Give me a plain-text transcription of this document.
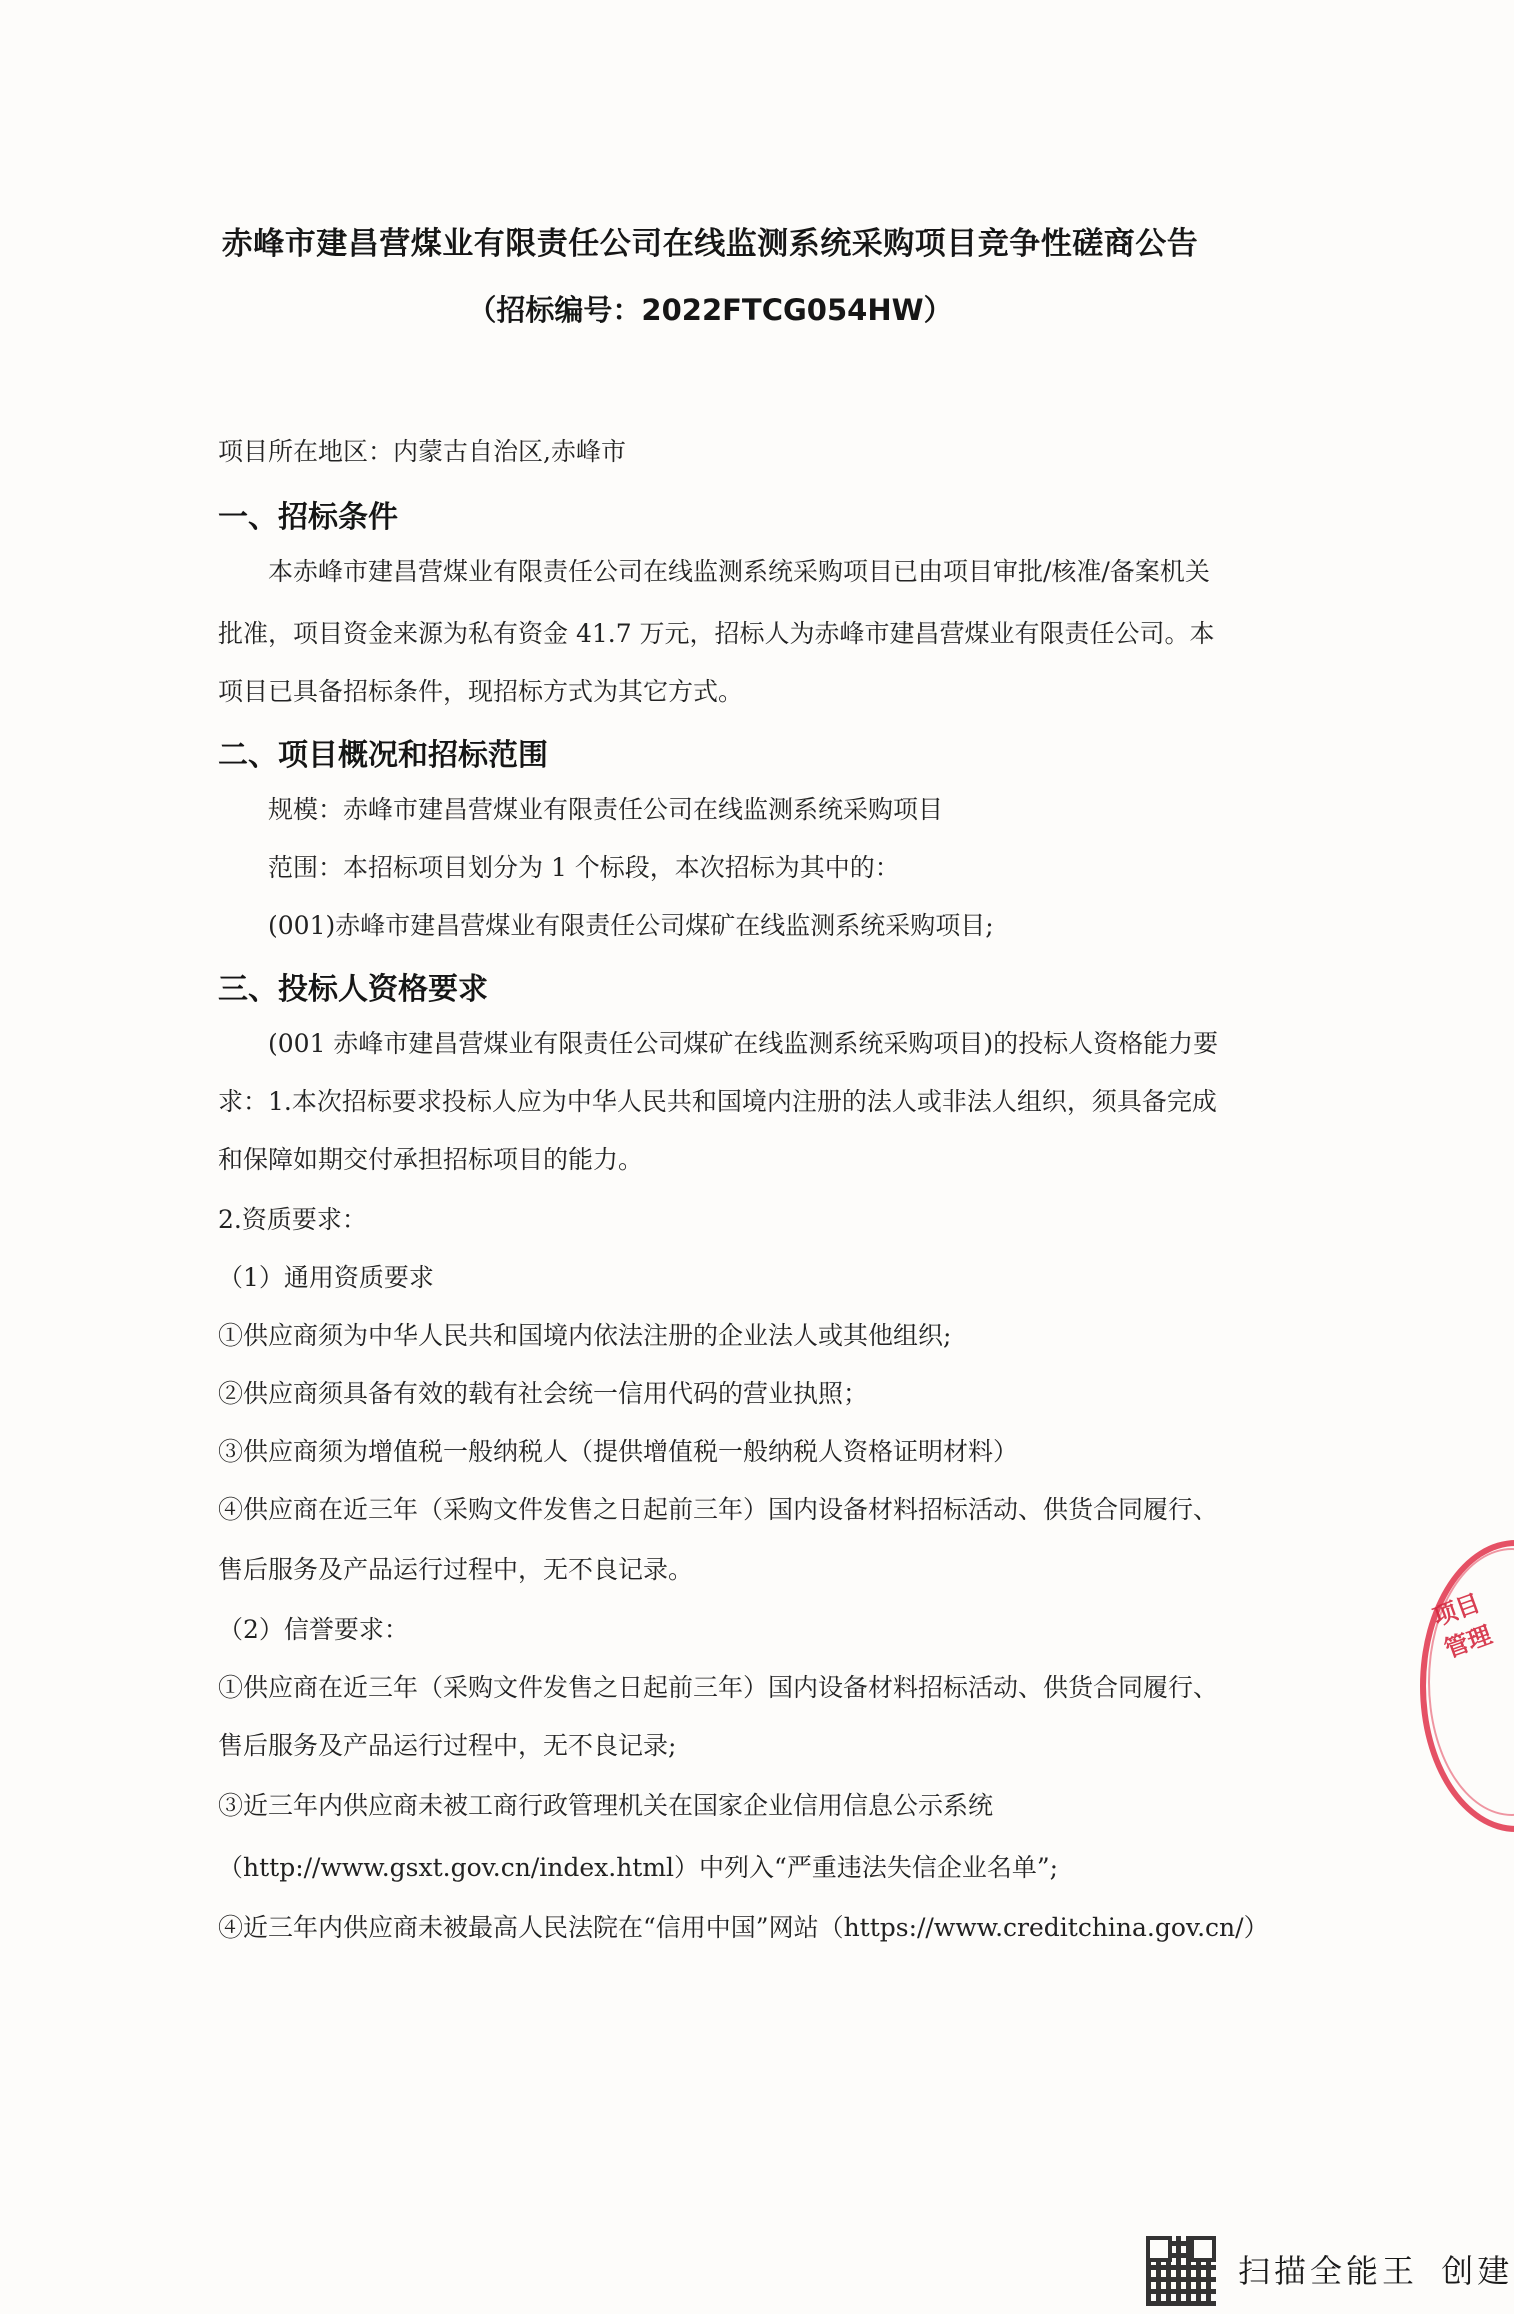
赤峰市建昌营煤业有限责任公司在线监测系统采购项目竞争性磋商公告
（招标编号：2022FTCG054HW）
项目所在地区：内蒙古自治区,赤峰市
一、招标条件
本赤峰市建昌营煤业有限责任公司在线监测系统采购项目已由项目审批/核准/备案机关
批准，项目资金来源为私有资金 41.7 万元，招标人为赤峰市建昌营煤业有限责任公司。本
项目已具备招标条件，现招标方式为其它方式。
二、项目概况和招标范围
规模：赤峰市建昌营煤业有限责任公司在线监测系统采购项目
范围：本招标项目划分为 1 个标段，本次招标为其中的：
(001)赤峰市建昌营煤业有限责任公司煤矿在线监测系统采购项目;
三、投标人资格要求
(001 赤峰市建昌营煤业有限责任公司煤矿在线监测系统采购项目)的投标人资格能力要
求：1.本次招标要求投标人应为中华人民共和国境内注册的法人或非法人组织，须具备完成
和保障如期交付承担招标项目的能力。
2.资质要求：
（1）通用资质要求
①供应商须为中华人民共和国境内依法注册的企业法人或其他组织;
②供应商须具备有效的载有社会统一信用代码的营业执照；
③供应商须为增值税一般纳税人（提供增值税一般纳税人资格证明材料）
④供应商在近三年（采购文件发售之日起前三年）国内设备材料招标活动、供货合同履行、
售后服务及产品运行过程中，无不良记录。
（2）信誉要求：
①供应商在近三年（采购文件发售之日起前三年）国内设备材料招标活动、供货合同履行、
售后服务及产品运行过程中，无不良记录;
③近三年内供应商未被工商行政管理机关在国家企业信用信息公示系统
（http://www.gsxt.gov.cn/index.html）中列入“严重违法失信企业名单”;
④近三年内供应商未被最高人民法院在“信用中国”网站（https://www.creditchina.gov.cn/）
项目管理
扫描全能王 创建
